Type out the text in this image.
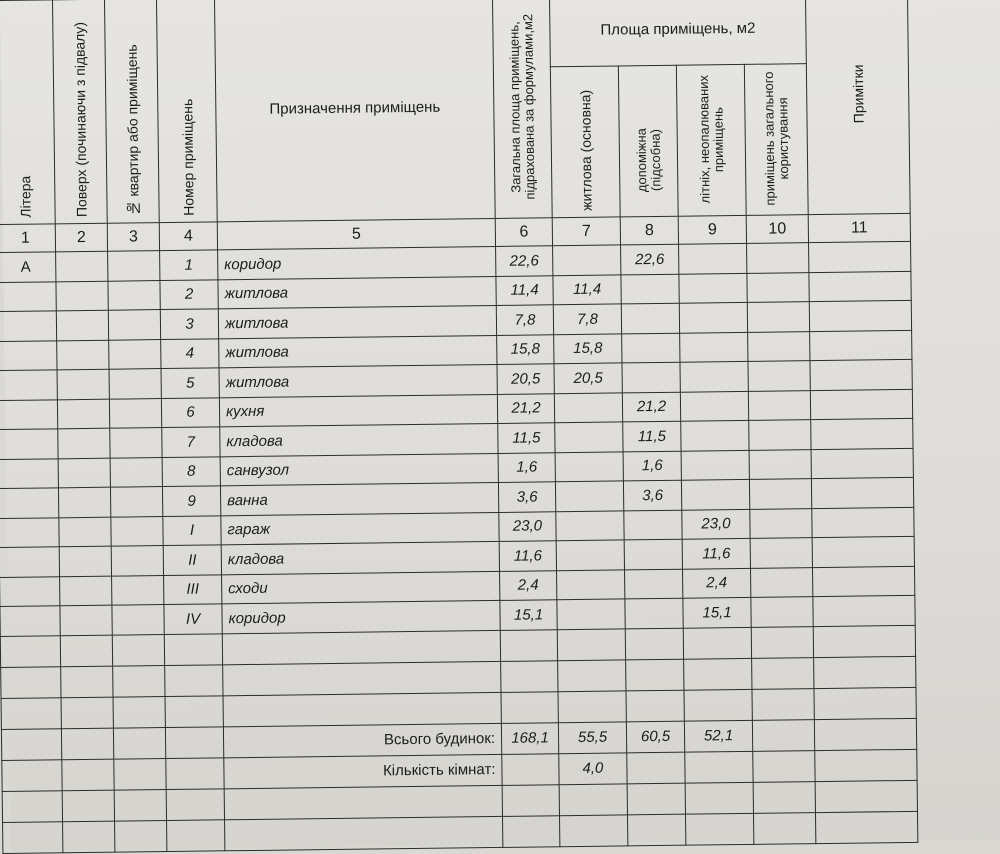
Літера	Поверх (починаючи з підвалу)	№ квартир або приміщень	Номер приміщень	Призначення приміщень	Загальна площа приміщень, підрахована за формулами,м2	Площа приміщень, м2				Примітки

						житлова (основна)	допоміжна (підсобна)	літніх, неопалюваних приміщень	приміщень загального користування	

1	2	3	4	5	6	7	8	9	10	11
А			1	коридор	22,6		22,6			
			2	житлова	11,4	11,4				
			3	житлова	7,8	7,8				
			4	житлова	15,8	15,8				
			5	житлова	20,5	20,5				
			6	кухня	21,2		21,2			
			7	кладова	11,5		11,5			
			8	санвузол	1,6		1,6			
			9	ванна	3,6		3,6			
			I	гараж	23,0			23,0		
			II	кладова	11,6			11,6		
			III	сходи	2,4			2,4		
			IV	коридор	15,1			15,1		

				Всього будинок:	168,1	55,5	60,5	52,1		
				Кількість кімнат:		4,0				
